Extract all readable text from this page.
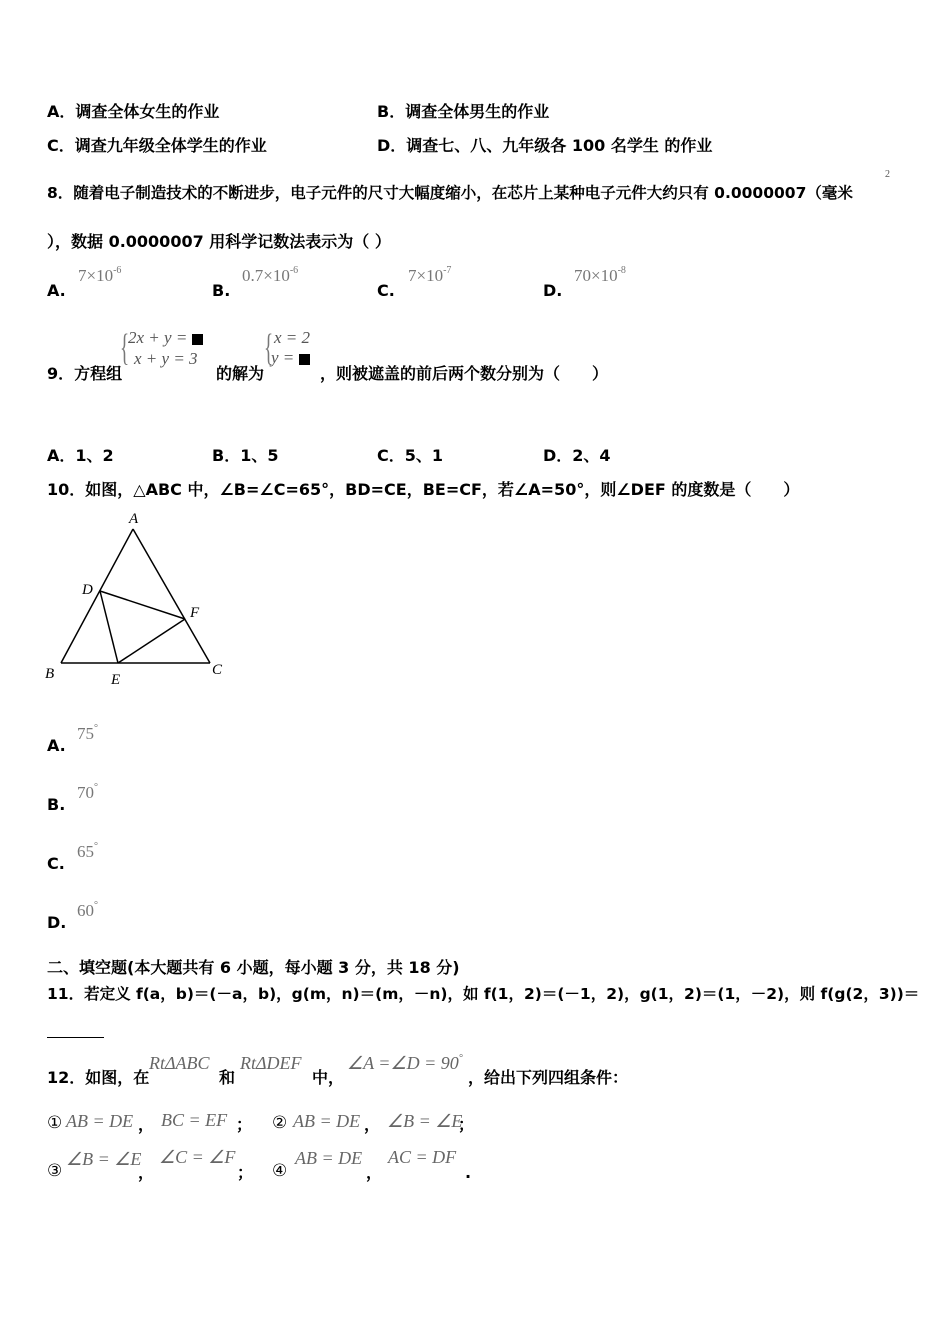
A．调查全体女生的作业	B．调查全体男生的作业
C．调查九年级全体学生的作业	D．调查七、八、九年级各 100 名学生 的作业
2
8．随着电子制造技术的不断进步，电子元件的尺寸大幅度缩小，在芯片上某种电子元件大约只有 0.0000007（毫米
），数据 0.0000007 用科学记数法表示为（ ）
A.
$7\times 10^{-6}$
B.
$0.7\times 10^{-6}$
C.
$7\times 10^{-7}$
D.
$70\times 10^{-8}$
9．方程组
{
2x + y =
x + y = 3
的解为
{ x = 2
y =
，则被遮盖的前后两个数分别为（　　）
A．1、2	B．1、5	C．5、1	D．2、4
10．如图，△ABC 中，∠B=∠C=65°，BD=CE，BE=CF，若∠A=50°，则∠DEF 的度数是（　　）
A
D
F
B	E
C
A.
75°
B.
70°
C.
65°
D.
60°
二、填空题(本大题共有 6 小题，每小题 3 分，共 18 分)
11．若定义 f(a，b)＝(－a，b)，g(m，n)＝(m，－n)，如 f(1，2)＝(－1，2)，g(1，2)＝(1，－2)，则 f(g(2，3))＝
12．如图，在
RtΔABC
和
RtΔDEF
中，
∠A =∠D = 90°
，给出下列四组条件：
① AB = DE ， BC = EF ； ② AB = DE ， ∠B = ∠E
；
③
∠B = ∠E
，
∠C = ∠F
； ④
AB = DE
，
AC = DF
.
